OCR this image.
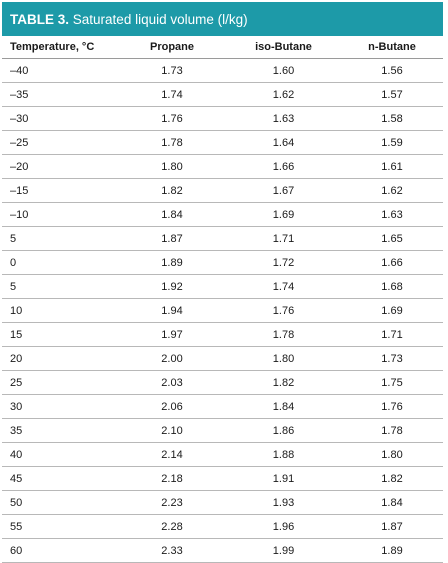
TABLE 3.
Saturated liquid volume (l/kg)
Temperature, °C	Propane	iso-Butane	n-Butane
–40	1.73	1.60	1.56
–35	1.74	1.62	1.57
–30	1.76	1.63	1.58
–25	1.78	1.64	1.59
–20	1.80	1.66	1.61
–15	1.82	1.67	1.62
–10	1.84	1.69	1.63
5	1.87	1.71	1.65
0	1.89	1.72	1.66
5	1.92	1.74	1.68
10	1.94	1.76	1.69
15	1.97	1.78	1.71
20	2.00	1.80	1.73
25	2.03	1.82	1.75
30	2.06	1.84	1.76
35	2.10	1.86	1.78
40	2.14	1.88	1.80
45	2.18	1.91	1.82
50	2.23	1.93	1.84
55	2.28	1.96	1.87
60	2.33	1.99	1.89
